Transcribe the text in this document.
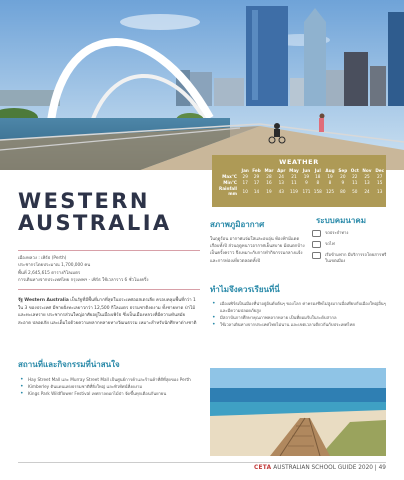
WEATHER
	Jan	Feb	Mar	Apr	May	Jun	Jul	Aug	Sep	Oct	Nov	Dec
Max°C	29	29	28	24	21	19	18	19	20	22	25	27
Min°C	17	17	16	13	11	9	8	8	9	11	13	15
Rainfall mm	10	14	19	43	119	171	158	125	80	50	24	13
WESTERN
AUSTRALIA
เมืองหลวง : เพิร์ธ (Perth)
ประชากรโดยประมาณ 1,700,000 คน
พื้นที่ 2,645,615 ตารางกิโลเมตร
การเดินทางจากประเทศไทย กรุงเทพฯ - เพิร์ธ ใช้เวลาราว 6 ชั่วโมงครึ่ง

รัฐ Western Australia เป็นรัฐที่มีพื้นที่มากที่สุดในประเทศออสเตรเลีย ครอบคลุมพื้นที่กว่า 1 ใน 3 ของประเทศ มีชายฝั่งทะเลยาวกว่า 12,500 กิโลเมตร ธรรมชาติงดงาม ทั้งชายหาด ป่าไม้ และทะเลทราย ประชากรส่วนใหญ่อาศัยอยู่ในเมืองเพิร์ธ ซึ่งเป็นเมืองหลวงที่มีความทันสมัย สะอาด ปลอดภัย และเต็มไปด้วยความหลากหลายทางวัฒนธรรม เหมาะสำหรับนักศึกษาต่างชาติ

สถานที่และกิจกรรมที่น่าสนใจ
• Hay Street Mall และ Murray Street Mall เป็นศูนย์การค้าและร้านค้าที่ดีที่สุดของ Perth
• Kimberley ดินแดนแห่งธรรมชาติที่ยิ่งใหญ่ และทิวทัศน์ที่งดงาม
• Kings Park Wildflower Festival เทศกาลดอกไม้ป่า จัดขึ้นทุกเดือนกันยายน
สภาพภูมิอากาศ

ในฤดูร้อน อากาศแจ่มใสและอบอุ่น ท้องฟ้ามีแดดเกือบทั้งปี ส่วนฤดูหนาวอากาศเย็นสบาย มีฝนตกบ้างเป็นครั้งคราว จึงเหมาะกับการทำกิจกรรมกลางแจ้งและการท่องเที่ยวตลอดทั้งปี

ระบบคมนาคม
รถประจำทาง
รถไฟ
เรือข้ามฟาก มีบริการรถโดยสารฟรี ในเขตเมือง
ทำไมจึงควรเรียนที่นี่
• เมืองเพิร์ธเป็นเมืองที่น่าอยู่อันดับต้นๆ ของโลก ค่าครองชีพไม่สูงมากเมื่อเทียบกับเมืองใหญ่อื่นๆ และมีความปลอดภัยสูง
• มีสถาบันการศึกษาคุณภาพหลากหลาย เป็นที่ยอมรับในระดับสากล
• ใช้เวลาเดินทางจากประเทศไทยไม่นาน และเขตเวลาเดียวกันกับประเทศไทย
CETA AUSTRALIAN SCHOOL GUIDE 2020 | 49
